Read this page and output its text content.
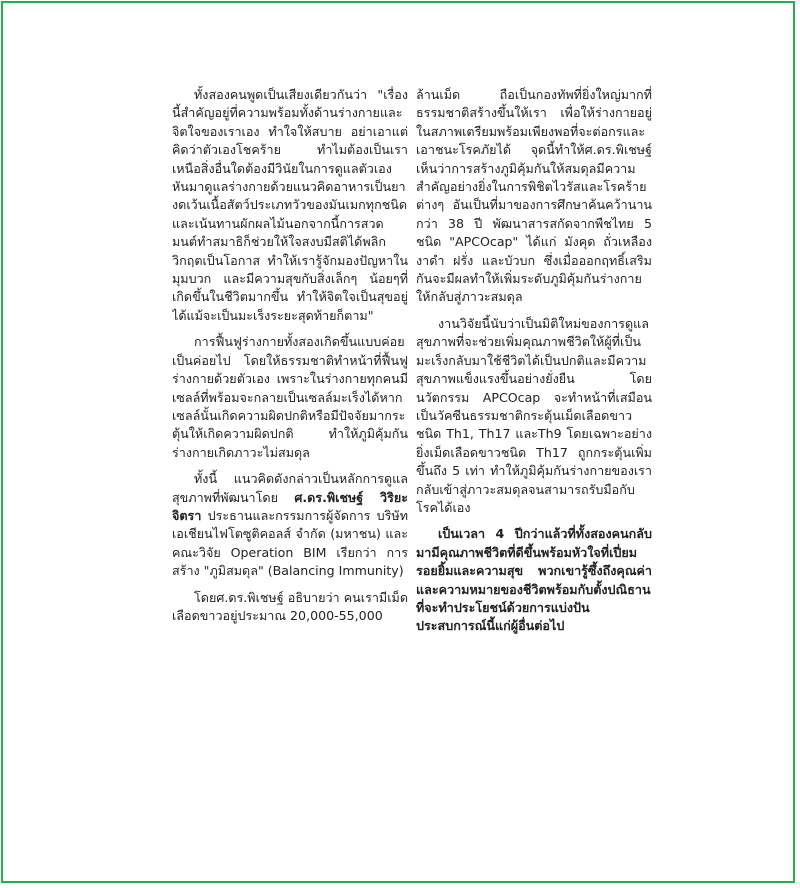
ทั้งสองคนพูดเป็นเสียงเดียวกันว่า "เรื่องนี้สำคัญอยู่ที่ความพร้อมทั้งด้านร่างกายและจิตใจของเราเอง ทำใจให้สบาย อย่าเอาแต่คิดว่าตัวเองโชคร้าย ทำไมต้องเป็นเรา เหนือสิ่งอื่นใดต้องมีวินัยในการดูแลตัวเอง หันมาดูแลร่างกายด้วยแนวคิดอาหารเป็นยา งดเว้นเนื้อสัตว์ประเภทวัวของมันเมกทุกชนิดและเน้นทานผักผลไม้นอกจากนี้การสวดมนต์ทำสมาธิก็ช่วยให้ใจสงบมีสติได้พลิกวิกฤตเป็นโอกาส ทำให้เรารู้จักมองปัญหาในมุมบวก และมีความสุขกับสิ่งเล็กๆ น้อยๆที่เกิดขึ้นในชีวิตมากขึ้น ทำให้จิตใจเป็นสุขอยู่ได้แม้จะเป็นมะเร็งระยะสุดท้ายก็ตาม"

การฟื้นฟูร่างกายทั้งสองเกิดขึ้นแบบค่อยเป็นค่อยไป โดยให้ธรรมชาติทำหน้าที่ฟื้นฟูร่างกายด้วยตัวเอง เพราะในร่างกายทุกคนมีเซลล์ที่พร้อมจะกลายเป็นเซลล์มะเร็งได้หากเซลล์นั้นเกิดความผิดปกติหรือมีปัจจัยมากระตุ้นให้เกิดความผิดปกติ ทำให้ภูมิคุ้มกันร่างกายเกิดภาวะไม่สมดุล

ทั้งนี้ แนวคิดดังกล่าวเป็นหลักการดูแลสุขภาพที่พัฒนาโดย ศ.ดร.พิเชษฐ์ วิริยะจิตรา ประธานและกรรมการผู้จัดการ บริษัท เอเชียนไฟโตซูติคอลส์ จำกัด (มหาชน) และคณะวิจัย Operation BIM เรียกว่า การสร้าง "ภูมิสมดุล" (Balancing Immunity)

โดยศ.ดร.พิเชษฐ์ อธิบายว่า คนเรามีเม็ดเลือดขาวอยู่ประมาณ 20,000-55,000

ล้านเม็ด ถือเป็นกองทัพที่ยิ่งใหญ่มากที่ธรรมชาติสร้างขึ้นให้เรา เพื่อให้ร่างกายอยู่ในสภาพเตรียมพร้อมเพียงพอที่จะต่อกรและเอาชนะโรคภัยได้ จุดนี้ทำให้ศ.ดร.พิเชษฐ์ เห็นว่าการสร้างภูมิคุ้มกันให้สมดุลมีความสำคัญอย่างยิ่งในการพิชิตไวรัสและโรคร้ายต่างๆ อันเป็นที่มาของการศึกษาค้นคว้านานกว่า 38 ปี พัฒนาสารสกัดจากพืชไทย 5 ชนิด "APCOcap" ได้แก่ มังคุด ถั่วเหลือง งาดำ ฝรั่ง และบัวบก ซึ่งเมื่อออกฤทธิ์เสริมกันจะมีผลทำให้เพิ่มระดับภูมิคุ้มกันร่างกายให้กลับสู่ภาวะสมดุล

งานวิจัยนี้นับว่าเป็นมิติใหม่ของการดูแลสุขภาพที่จะช่วยเพิ่มคุณภาพชีวิตให้ผู้ที่เป็นมะเร็งกลับมาใช้ชีวิตได้เป็นปกติและมีความสุขภาพแข็งแรงขึ้นอย่างยั่งยืน โดยนวัตกรรม APCOcap จะทำหน้าที่เสมือนเป็นวัคซีนธรรมชาติกระตุ้นเม็ดเลือดขาวชนิด Th1, Th17 และTh9 โดยเฉพาะอย่างยิ่งเม็ดเลือดขาวชนิด Th17 ถูกกระตุ้นเพิ่มขึ้นถึง 5 เท่า ทำให้ภูมิคุ้มกันร่างกายของเรากลับเข้าสู่ภาวะสมดุลจนสามารถรับมือกับโรคได้เอง

เป็นเวลา 4 ปีกว่าแล้วที่ทั้งสองคนกลับมามีคุณภาพชีวิตที่ดีขึ้นพร้อมหัวใจที่เปี่ยมรอยยิ้มและความสุข พวกเขารู้ซึ้งถึงคุณค่าและความหมายของชีวิตพร้อมกับตั้งปณิธานที่จะทำประโยชน์ด้วยการแบ่งปันประสบการณ์นี้แก่ผู้อื่นต่อไป
